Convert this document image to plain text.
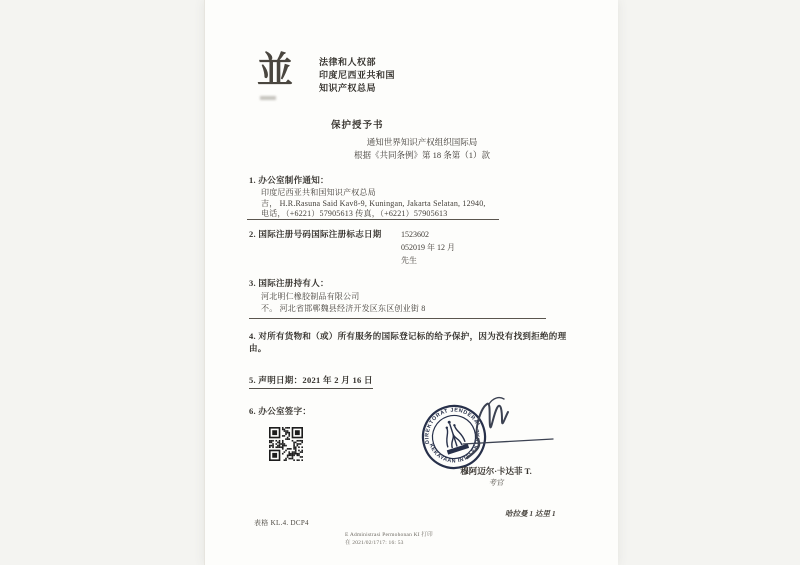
並	法律和人权部
印度尼西亚共和国
知识产权总局
保护授予书
通知世界知识产权组织国际局
根据《共同条例》第 18 条第（1）款
1. 办公室制作通知：
印度尼西亚共和国知识产权总局
吉， H.R.Rasuna Said Kav8-9, Kuningan, Jakarta Selatan, 12940,
电话，（+6221）57905613 传真，（+6221）57905613
2. 国际注册号码国际注册标志日期 1523602
052019 年 12 月
先生
3. 国际注册持有人：
河北明仁橡胶制品有限公司
不。 河北省邯郸魏县经济开发区东区创业街 8
4. 对所有货物和（或）所有服务的国际登记标的给予保护，因为没有找到拒绝的理由。
5. 声明日期：2021 年 2 月 16 日
6. 办公室签字：
DIREKTORAT JENDERAL
KEKAYAAN INTELEKTUAL
穆阿迈尔·卡达菲 T.
考官
表格 KL.4. DCP4
哈拉曼 1 达里 1
E Administrasi Permohonan KI 打印
在 2021/02/1717: 16: 53
